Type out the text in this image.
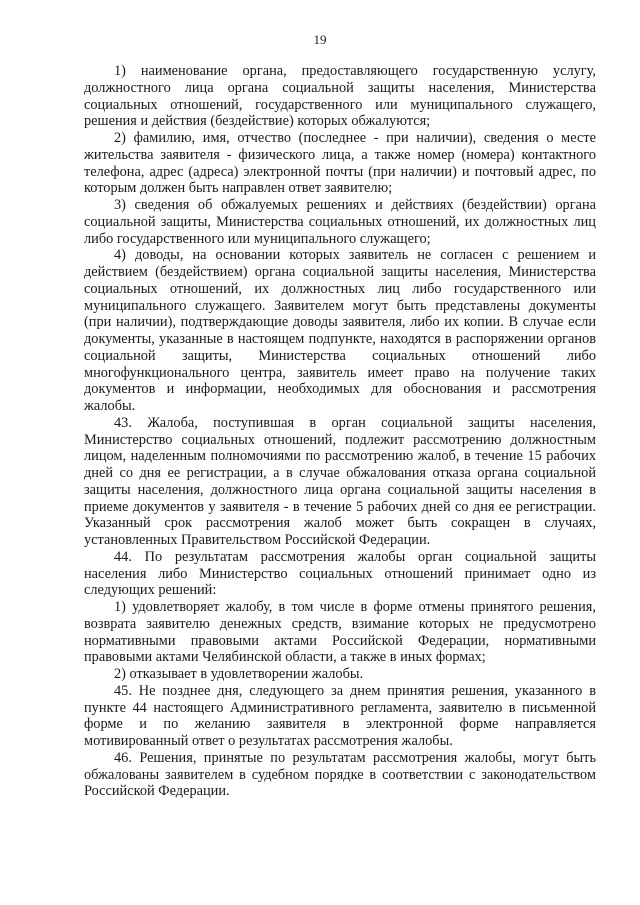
19

1) наименование органа, предоставляющего государственную услугу, должностного лица органа социальной защиты населения, Министерства социальных отношений, государственного или муниципального служащего, решения и действия (бездействие) которых обжалуются;

2) фамилию, имя, отчество (последнее - при наличии), сведения о месте жительства заявителя - физического лица, а также номер (номера) контактного телефона, адрес (адреса) электронной почты (при наличии) и почтовый адрес, по которым должен быть направлен ответ заявителю;

3) сведения об обжалуемых решениях и действиях (бездействии) органа социальной защиты, Министерства социальных отношений, их должностных лиц либо государственного или муниципального служащего;

4) доводы, на основании которых заявитель не согласен с решением и действием (бездействием) органа социальной защиты населения, Министерства социальных отношений, их должностных лиц либо государственного или муниципального служащего. Заявителем могут быть представлены документы (при наличии), подтверждающие доводы заявителя, либо их копии. В случае если документы, указанные в настоящем подпункте, находятся в распоряжении органов социальной защиты, Министерства социальных отношений либо многофункционального центра, заявитель имеет право на получение таких документов и информации, необходимых для обоснования и рассмотрения жалобы.

43. Жалоба, поступившая в орган социальной защиты населения, Министерство социальных отношений, подлежит рассмотрению должностным лицом, наделенным полномочиями по рассмотрению жалоб, в течение 15 рабочих дней со дня ее регистрации, а в случае обжалования отказа органа социальной защиты населения, должностного лица органа социальной защиты населения в приеме документов у заявителя - в течение 5 рабочих дней со дня ее регистрации. Указанный срок рассмотрения жалоб может быть сокращен в случаях, установленных Правительством Российской Федерации.

44. По результатам рассмотрения жалобы орган социальной защиты населения либо Министерство социальных отношений принимает одно из следующих решений:

1) удовлетворяет жалобу, в том числе в форме отмены принятого решения, возврата заявителю денежных средств, взимание которых не предусмотрено нормативными правовыми актами Российской Федерации, нормативными правовыми актами Челябинской области, а также в иных формах;

2) отказывает в удовлетворении жалобы.

45. Не позднее дня, следующего за днем принятия решения, указанного в пункте 44 настоящего Административного регламента, заявителю в письменной форме и по желанию заявителя в электронной форме направляется мотивированный ответ о результатах рассмотрения жалобы.

46. Решения, принятые по результатам рассмотрения жалобы, могут быть обжалованы заявителем в судебном порядке в соответствии с законодательством Российской Федерации.
